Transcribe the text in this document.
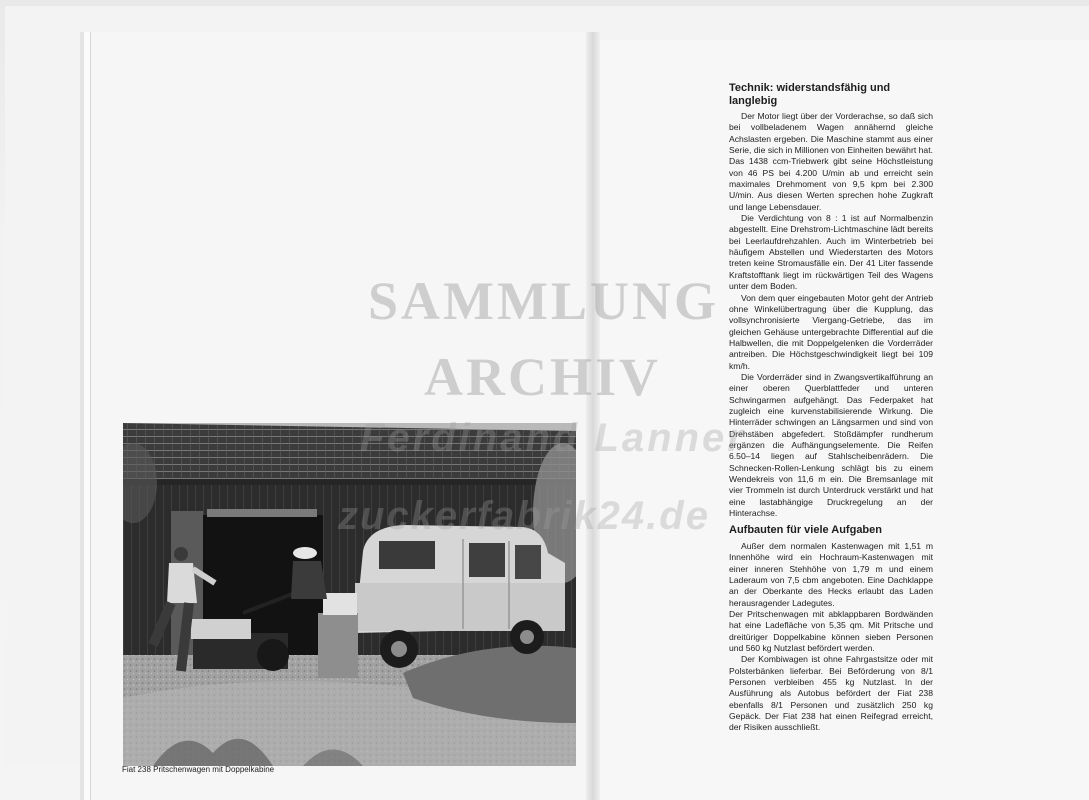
Fiat 238 Pritschenwagen mit Doppelkabine
Technik: widerstandsfähig und langlebig

Der Motor liegt über der Vorderachse, so daß sich bei vollbeladenem Wagen annähernd gleiche Achslasten ergeben. Die Maschine stammt aus einer Serie, die sich in Millionen von Einheiten bewährt hat. Das 1438 ccm-Triebwerk gibt seine Höchstleistung von 46 PS bei 4.200 U/min ab und erreicht sein maximales Drehmoment von 9,5 kpm bei 2.300 U/min. Aus diesen Werten sprechen hohe Zugkraft und lange Lebensdauer.

Die Verdichtung von 8 : 1 ist auf Normalbenzin abgestellt. Eine Drehstrom-Lichtmaschine lädt bereits bei Leerlaufdrehzahlen. Auch im Winterbetrieb bei häufigem Abstellen und Wiederstarten des Motors treten keine Stromausfälle ein. Der 41 Liter fassende Kraftstofftank liegt im rückwärtigen Teil des Wagens unter dem Boden.

Von dem quer eingebauten Motor geht der Antrieb ohne Winkelübertragung über die Kupplung, das vollsynchronisierte Viergang-Getriebe, das im gleichen Gehäuse untergebrachte Differential auf die Halbwellen, die mit Doppelgelenken die Vorderräder antreiben. Die Höchstgeschwindigkeit liegt bei 109 km/h.

Die Vorderräder sind in Zwangsvertikalführung an einer oberen Querblattfeder und unteren Schwingarmen aufgehängt. Das Federpaket hat zugleich eine kurvenstabilisierende Wirkung. Die Hinterräder schwingen an Längsarmen und sind von Drehstäben abgefedert. Stoßdämpfer rundherum ergänzen die Aufhängungselemente. Die Reifen 6.50–14 liegen auf Stahlscheibenrädern. Die Schnecken-Rollen-Lenkung schlägt bis zu einem Wendekreis von 11,6 m ein. Die Bremsanlage mit vier Trommeln ist durch Unterdruck verstärkt und hat eine lastabhängige Druckregelung an der Hinterachse.

Aufbauten für viele Aufgaben

Außer dem normalen Kastenwagen mit 1,51 m Innenhöhe wird ein Hochraum-Kastenwagen mit einer inneren Stehhöhe von 1,79 m und einem Laderaum von 7,5 cbm angeboten. Eine Dachklappe an der Oberkante des Hecks erlaubt das Laden herausragender Ladegutes.

Der Pritschenwagen mit abklappbaren Bordwänden hat eine Ladefläche von 5,35 qm. Mit Pritsche und dreitüriger Doppelkabine können sieben Personen und 560 kg Nutzlast befördert werden.

Der Kombiwagen ist ohne Fahrgastsitze oder mit Polsterbänken lieferbar. Bei Beförderung von 8/1 Personen verbleiben 455 kg Nutzlast. In der Ausführung als Autobus befördert der Fiat 238 ebenfalls 8/1 Personen und zusätzlich 250 kg Gepäck. Der Fiat 238 hat einen Reifegrad erreicht, der Risiken ausschließt.

SAMMLUNG
ARCHIV
Ferdinand Lanner
zuckerfabrik24.de
